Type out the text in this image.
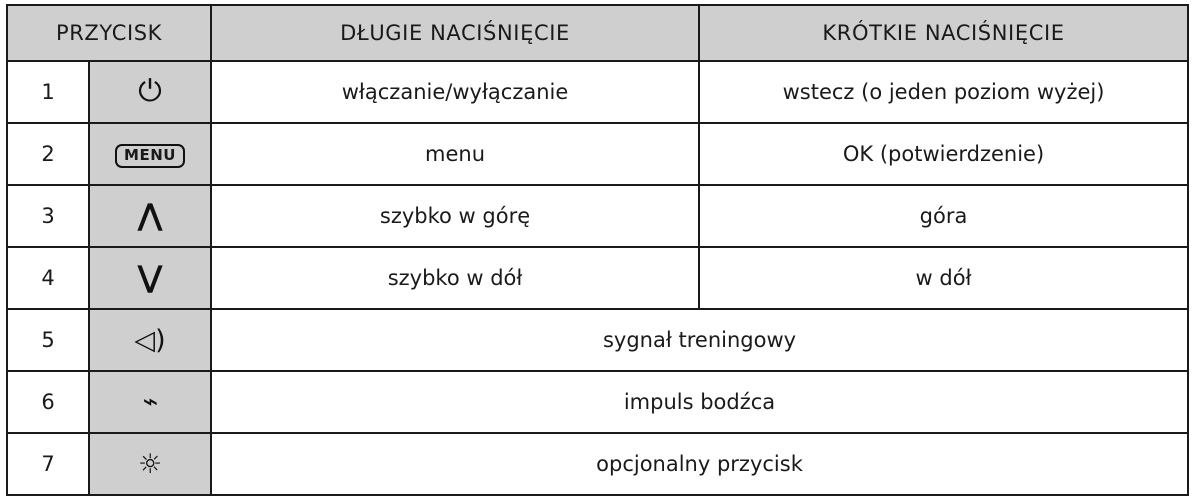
PRZYCISK		DŁUGIE NACIŚNIĘCIE	KRÓTKIE NACIŚNIĘCIE
1	⏻	włączanie/wyłączanie	wstecz (o jeden poziom wyżej)

2	MENU	menu	OK (potwierdzenie)

3	⋀	szybko w górę	góra

4	⋁	szybko w dół	w dół

5	◁)	sygnał treningowy	

6	⌁	impuls bodźca	

7	☼	opcjonalny przycisk	
